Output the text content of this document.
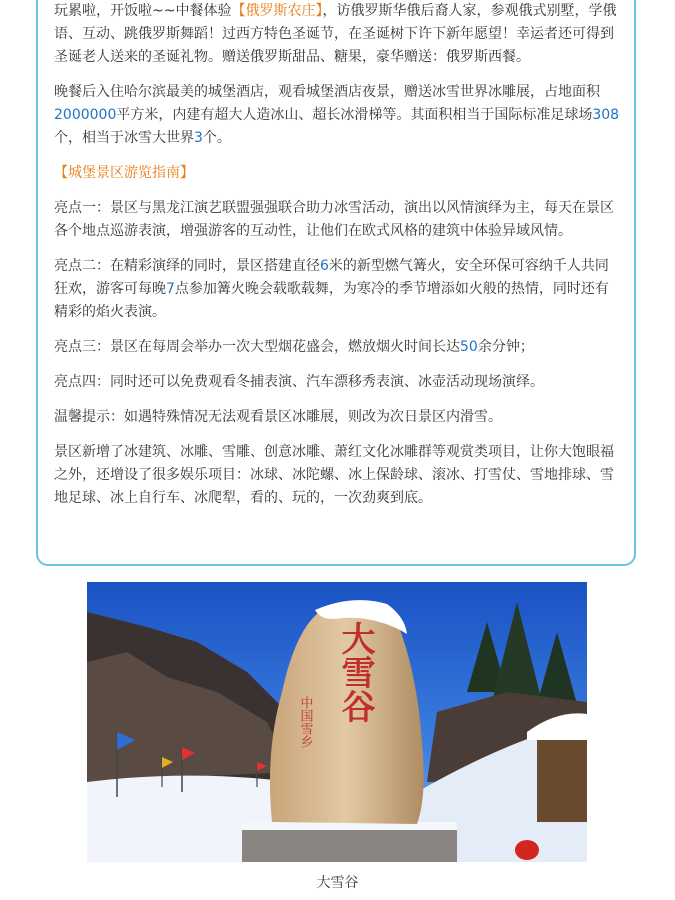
玩累啦，开饭啦~~中餐体验【俄罗斯农庄】，访俄罗斯华俄后裔人家，参观俄式别墅，学俄语、互动、跳俄罗斯舞蹈！过西方特色圣诞节，在圣诞树下许下新年愿望！幸运者还可得到圣诞老人送来的圣诞礼物。赠送俄罗斯甜品、糖果，豪华赠送：俄罗斯西餐。

晚餐后入住哈尔滨最美的城堡酒店，观看城堡酒店夜景，赠送冰雪世界冰雕展，占地面积2000000平方米，内建有超大人造冰山、超长冰滑梯等。其面积相当于国际标准足球场308个，相当于冰雪大世界3个。

【城堡景区游览指南】

亮点一：景区与黑龙江演艺联盟强强联合助力冰雪活动，演出以风情演绎为主，每天在景区各个地点巡游表演，增强游客的互动性，让他们在欧式风格的建筑中体验异域风情。

亮点二：在精彩演绎的同时，景区搭建直径6米的新型燃气篝火，安全环保可容纳千人共同狂欢，游客可每晚7点参加篝火晚会载歌载舞，为寒冷的季节增添如火般的热情，同时还有精彩的焰火表演。

亮点三：景区在每周会举办一次大型烟花盛会，燃放烟火时间长达50余分钟；

亮点四：同时还可以免费观看冬捕表演、汽车漂移秀表演、冰壶活动现场演绎。

温馨提示：如遇特殊情况无法观看景区冰雕展，则改为次日景区内滑雪。

景区新增了冰建筑、冰雕、雪雕、创意冰雕、萧红文化冰雕群等观赏类项目，让你大饱眼福之外，还增设了很多娱乐项目：冰球、冰陀螺、冰上保龄球、滚冰、打雪仗、雪地排球、雪地足球、冰上自行车、冰爬犁，看的、玩的，一次劲爽到底。

大雪谷
中国雪乡
大雪谷
